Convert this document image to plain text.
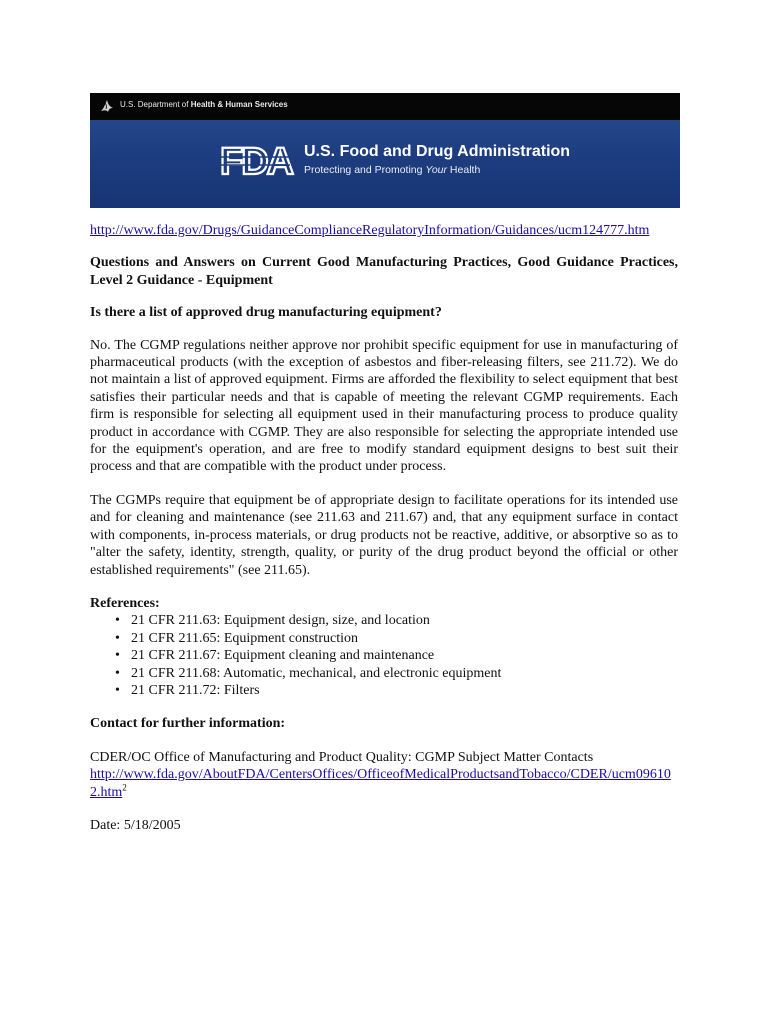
U.S. Department of Health & Human Services
FDA U.S. Food and Drug Administration
Protecting and Promoting Your Health
http://www.fda.gov/Drugs/GuidanceComplianceRegulatoryInformation/Guidances/ucm124777.htm
Questions and Answers on Current Good Manufacturing Practices, Good Guidance Practices, Level 2 Guidance - Equipment
Is there a list of approved drug manufacturing equipment?

No. The CGMP regulations neither approve nor prohibit specific equipment for use in manufacturing of pharmaceutical products (with the exception of asbestos and fiber-releasing filters, see 211.72). We do not maintain a list of approved equipment. Firms are afforded the flexibility to select equipment that best satisfies their particular needs and that is capable of meeting the relevant CGMP requirements. Each firm is responsible for selecting all equipment used in their manufacturing process to produce quality product in accordance with CGMP. They are also responsible for selecting the appropriate intended use for the equipment's operation, and are free to modify standard equipment designs to best suit their process and that are compatible with the product under process.

The CGMPs require that equipment be of appropriate design to facilitate operations for its intended use and for cleaning and maintenance (see 211.63 and 211.67) and, that any equipment surface in contact with components, in-process materials, or drug products not be reactive, additive, or absorptive so as to "alter the safety, identity, strength, quality, or purity of the drug product beyond the official or other established requirements" (see 211.65).

References:
• 21 CFR 211.63: Equipment design, size, and location
• 21 CFR 211.65: Equipment construction
• 21 CFR 211.67: Equipment cleaning and maintenance
• 21 CFR 211.68: Automatic, mechanical, and electronic equipment
• 21 CFR 211.72: Filters
Contact for further information:
CDER/OC Office of Manufacturing and Product Quality: CGMP Subject Matter Contacts
http://www.fda.gov/AboutFDA/CentersOffices/OfficeofMedicalProductsandTobacco/CDER/ucm096102.htm$^2$
Date: 5/18/2005
